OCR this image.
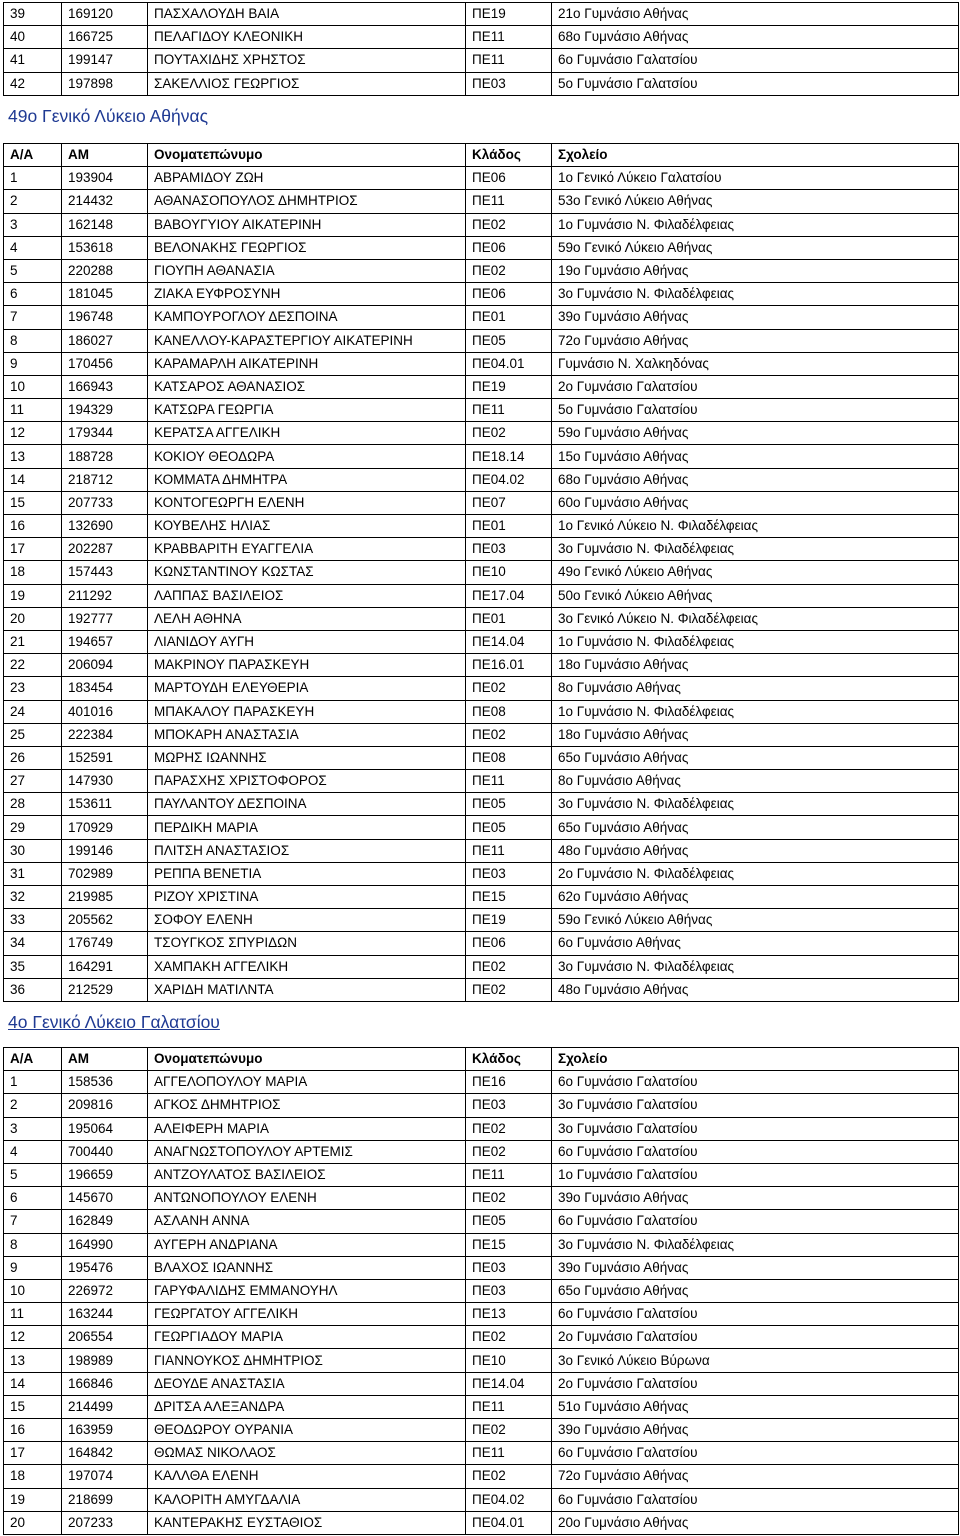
39	169120	ΠΑΣΧΑΛΟΥΔΗ ΒΑΙΑ	ΠΕ19	21ο Γυμνάσιο Αθήνας
40	166725	ΠΕΛΑΓΙΔΟΥ ΚΛΕΟΝΙΚΗ	ΠΕ11	68ο Γυμνάσιο Αθήνας
41	199147	ΠΟΥΤΑΧΙΔΗΣ ΧΡΗΣΤΟΣ	ΠΕ11	6ο Γυμνάσιο Γαλατσίου
42	197898	ΣΑΚΕΛΛΙΟΣ ΓΕΩΡΓΙΟΣ	ΠΕ03	5ο Γυμνάσιο Γαλατσίου
49ο Γενικό Λύκειο Αθήνας
Α/Α	ΑΜ	Ονοματεπώνυμο	Κλάδος	Σχολείο
1	193904	ΑΒΡΑΜΙΔΟΥ ΖΩΗ	ΠΕ06	1ο Γενικό Λύκειο Γαλατσίου
2	214432	ΑΘΑΝΑΣΟΠΟΥΛΟΣ ΔΗΜΗΤΡΙΟΣ	ΠΕ11	53ο Γενικό Λύκειο Αθήνας
3	162148	ΒΑΒΟΥΓΥΙΟΥ ΑΙΚΑΤΕΡΙΝΗ	ΠΕ02	1ο Γυμνάσιο Ν. Φιλαδέλφειας
4	153618	ΒΕΛΟΝΑΚΗΣ ΓΕΩΡΓΙΟΣ	ΠΕ06	59ο Γενικό Λύκειο Αθήνας
5	220288	ΓΙΟΥΠΗ ΑΘΑΝΑΣΙΑ	ΠΕ02	19ο Γυμνάσιο Αθήνας
6	181045	ΖΙΑΚΑ ΕΥΦΡΟΣΥΝΗ	ΠΕ06	3ο Γυμνάσιο Ν. Φιλαδέλφειας
7	196748	ΚΑΜΠΟΥΡΟΓΛΟΥ ΔΕΣΠΟΙΝΑ	ΠΕ01	39ο Γυμνάσιο Αθήνας
8	186027	ΚΑΝΕΛΛΟΥ-ΚΑΡΑΣΤΕΡΓΙΟΥ ΑΙΚΑΤΕΡΙΝΗ	ΠΕ05	72ο Γυμνάσιο Αθήνας
9	170456	ΚΑΡΑΜΑΡΛΗ ΑΙΚΑΤΕΡΙΝΗ	ΠΕ04.01	Γυμνάσιο Ν. Χαλκηδόνας
10	166943	ΚΑΤΣΑΡΟΣ ΑΘΑΝΑΣΙΟΣ	ΠΕ19	2ο Γυμνάσιο Γαλατσίου
11	194329	ΚΑΤΣΩΡΑ ΓΕΩΡΓΙΑ	ΠΕ11	5ο Γυμνάσιο Γαλατσίου
12	179344	ΚΕΡΑΤΣΑ ΑΓΓΕΛΙΚΗ	ΠΕ02	59ο Γυμνάσιο Αθήνας
13	188728	ΚΟΚΙΟΥ ΘΕΟΔΩΡΑ	ΠΕ18.14	15ο Γυμνάσιο Αθήνας
14	218712	ΚΟΜΜΑΤΑ ΔΗΜΗΤΡΑ	ΠΕ04.02	68ο Γυμνάσιο Αθήνας
15	207733	ΚΟΝΤΟΓΕΩΡΓΗ ΕΛΕΝΗ	ΠΕ07	60ο Γυμνάσιο Αθήνας
16	132690	ΚΟΥΒΕΛΗΣ ΗΛΙΑΣ	ΠΕ01	1ο Γενικό Λύκειο Ν. Φιλαδέλφειας
17	202287	ΚΡΑΒΒΑΡΙΤΗ ΕΥΑΓΓΕΛΙΑ	ΠΕ03	3ο Γυμνάσιο Ν. Φιλαδέλφειας
18	157443	ΚΩΝΣΤΑΝΤΙΝΟΥ ΚΩΣΤΑΣ	ΠΕ10	49ο Γενικό Λύκειο Αθήνας
19	211292	ΛΑΠΠΑΣ ΒΑΣΙΛΕΙΟΣ	ΠΕ17.04	50ο Γενικό Λύκειο Αθήνας
20	192777	ΛΕΛΗ ΑΘΗΝΑ	ΠΕ01	3ο Γενικό Λύκειο Ν. Φιλαδέλφειας
21	194657	ΛΙΑΝΙΔΟΥ ΑΥΓΗ	ΠΕ14.04	1ο Γυμνάσιο Ν. Φιλαδέλφειας
22	206094	ΜΑΚΡΙΝΟΥ ΠΑΡΑΣΚΕΥΗ	ΠΕ16.01	18ο Γυμνάσιο Αθήνας
23	183454	ΜΑΡΤΟΥΔΗ ΕΛΕΥΘΕΡΙΑ	ΠΕ02	8ο Γυμνάσιο Αθήνας
24	401016	ΜΠΑΚΑΛΟΥ ΠΑΡΑΣΚΕΥΗ	ΠΕ08	1ο Γυμνάσιο Ν. Φιλαδέλφειας
25	222384	ΜΠΟΚΑΡΗ ΑΝΑΣΤΑΣΙΑ	ΠΕ02	18ο Γυμνάσιο Αθήνας
26	152591	ΜΩΡΗΣ ΙΩΑΝΝΗΣ	ΠΕ08	65ο Γυμνάσιο Αθήνας
27	147930	ΠΑΡΑΣΧΗΣ ΧΡΙΣΤΟΦΟΡΟΣ	ΠΕ11	8ο Γυμνάσιο Αθήνας
28	153611	ΠΑΥΛΑΝΤΟΥ ΔΕΣΠΟΙΝΑ	ΠΕ05	3ο Γυμνάσιο Ν. Φιλαδέλφειας
29	170929	ΠΕΡΔΙΚΗ ΜΑΡΙΑ	ΠΕ05	65ο Γυμνάσιο Αθήνας
30	199146	ΠΛΙΤΣΗ ΑΝΑΣΤΑΣΙΟΣ	ΠΕ11	48ο Γυμνάσιο Αθήνας
31	702989	ΡΕΠΠΑ ΒΕΝΕΤΙΑ	ΠΕ03	2ο Γυμνάσιο Ν. Φιλαδέλφειας
32	219985	ΡΙΖΟΥ ΧΡΙΣΤΙΝΑ	ΠΕ15	62ο Γυμνάσιο Αθήνας
33	205562	ΣΟΦΟΥ ΕΛΕΝΗ	ΠΕ19	59ο Γενικό Λύκειο Αθήνας
34	176749	ΤΣΟΥΓΚΟΣ ΣΠΥΡΙΔΩΝ	ΠΕ06	6ο Γυμνάσιο Αθήνας
35	164291	ΧΑΜΠΑΚΗ ΑΓΓΕΛΙΚΗ	ΠΕ02	3ο Γυμνάσιο Ν. Φιλαδέλφειας
36	212529	ΧΑΡΙΔΗ ΜΑΤΙΛΝΤΑ	ΠΕ02	48ο Γυμνάσιο Αθήνας
4ο Γενικό Λύκειο Γαλατσίου
Α/Α	ΑΜ	Ονοματεπώνυμο	Κλάδος	Σχολείο
1	158536	ΑΓΓΕΛΟΠΟΥΛΟΥ ΜΑΡΙΑ	ΠΕ16	6ο Γυμνάσιο Γαλατσίου
2	209816	ΑΓΚΟΣ ΔΗΜΗΤΡΙΟΣ	ΠΕ03	3ο Γυμνάσιο Γαλατσίου
3	195064	ΑΛΕΙΦΕΡΗ ΜΑΡΙΑ	ΠΕ02	3ο Γυμνάσιο Γαλατσίου
4	700440	ΑΝΑΓΝΩΣΤΟΠΟΥΛΟΥ ΑΡΤΕΜΙΣ	ΠΕ02	6ο Γυμνάσιο Γαλατσίου
5	196659	ΑΝΤΖΟΥΛΑΤΟΣ ΒΑΣΙΛΕΙΟΣ	ΠΕ11	1ο Γυμνάσιο Γαλατσίου
6	145670	ΑΝΤΩΝΟΠΟΥΛΟΥ ΕΛΕΝΗ	ΠΕ02	39ο Γυμνάσιο Αθήνας
7	162849	ΑΣΛΑΝΗ ΑΝΝΑ	ΠΕ05	6ο Γυμνάσιο Γαλατσίου
8	164990	ΑΥΓΕΡΗ ΑΝΔΡΙΑΝΑ	ΠΕ15	3ο Γυμνάσιο Ν. Φιλαδέλφειας
9	195476	ΒΛΑΧΟΣ ΙΩΑΝΝΗΣ	ΠΕ03	39ο Γυμνάσιο Αθήνας
10	226972	ΓΑΡΥΦΑΛΙΔΗΣ ΕΜΜΑΝΟΥΗΛ	ΠΕ03	65ο Γυμνάσιο Αθήνας
11	163244	ΓΕΩΡΓΑΤΟΥ ΑΓΓΕΛΙΚΗ	ΠΕ13	6ο Γυμνάσιο Γαλατσίου
12	206554	ΓΕΩΡΓΙΑΔΟΥ ΜΑΡΙΑ	ΠΕ02	2ο Γυμνάσιο Γαλατσίου
13	198989	ΓΙΑΝΝΟΥΚΟΣ ΔΗΜΗΤΡΙΟΣ	ΠΕ10	3ο Γενικό Λύκειο Βύρωνα
14	166846	ΔΕΟΥΔΕ ΑΝΑΣΤΑΣΙΑ	ΠΕ14.04	2ο Γυμνάσιο Γαλατσίου
15	214499	ΔΡΙΤΣΑ ΑΛΕΞΑΝΔΡΑ	ΠΕ11	51ο Γυμνάσιο Αθήνας
16	163959	ΘΕΟΔΩΡΟΥ ΟΥΡΑΝΙΑ	ΠΕ02	39ο Γυμνάσιο Αθήνας
17	164842	ΘΩΜΑΣ ΝΙΚΟΛΑΟΣ	ΠΕ11	6ο Γυμνάσιο Γαλατσίου
18	197074	ΚΑΛΛΘΑ ΕΛΕΝΗ	ΠΕ02	72ο Γυμνάσιο Αθήνας
19	218699	ΚΑΛΟΡΙΤΗ ΑΜΥΓΔΑΛΙΑ	ΠΕ04.02	6ο Γυμνάσιο Γαλατσίου
20	207233	ΚΑΝΤΕΡΑΚΗΣ ΕΥΣΤΑΘΙΟΣ	ΠΕ04.01	20ο Γυμνάσιο Αθήνας
